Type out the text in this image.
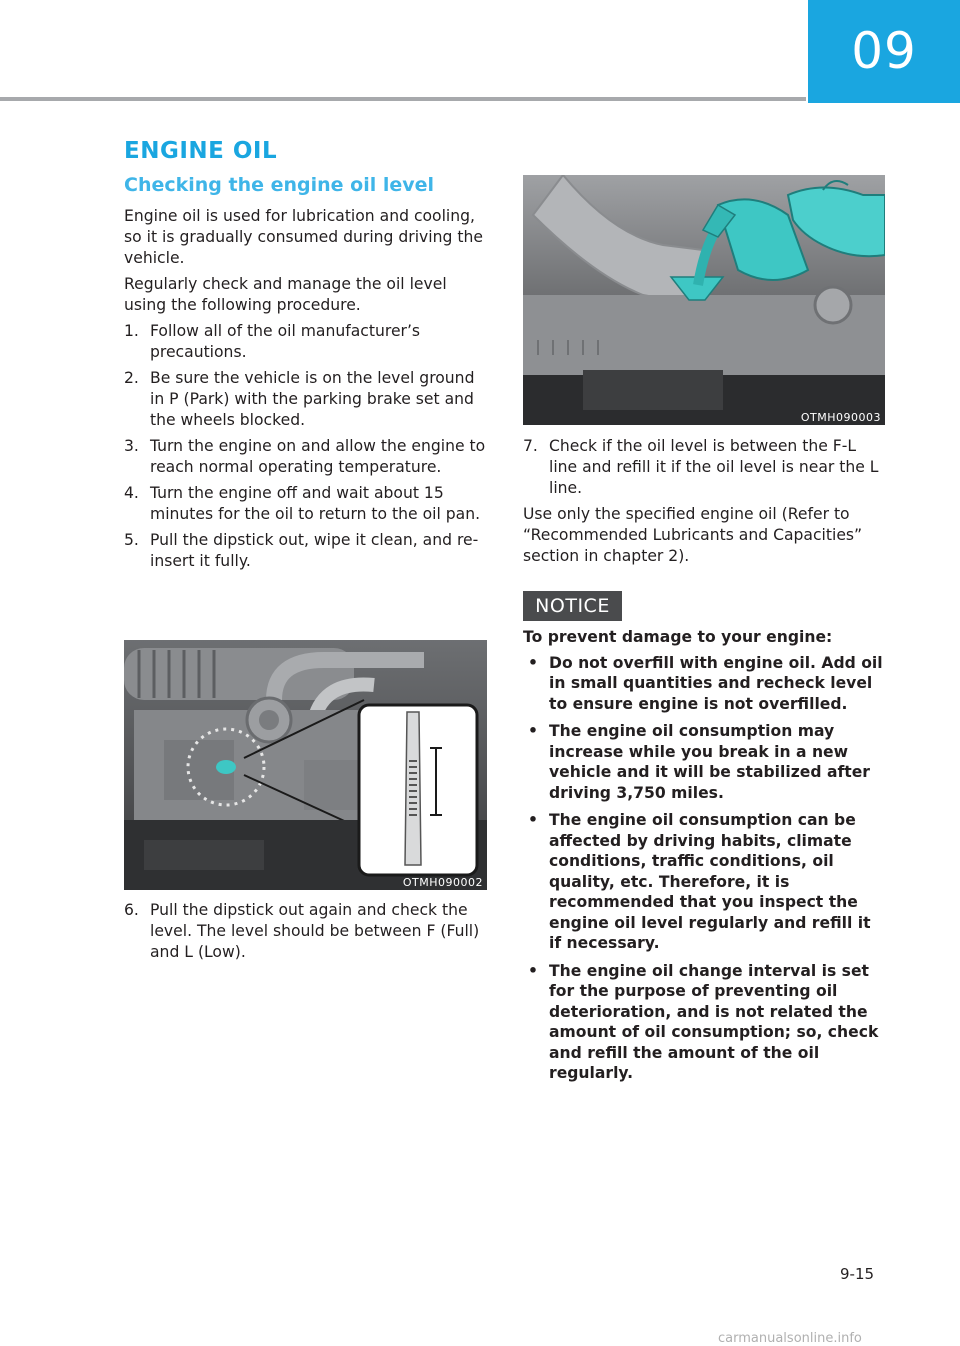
09
ENGINE OIL
Checking the engine oil level

Engine oil is used for lubrication and cooling, so it is gradually consumed during driving the vehicle.

Regularly check and manage the oil level using the following procedure.

1. Follow all of the oil manufacturer’s precautions.
2. Be sure the vehicle is on the level ground in P (Park) with the parking brake set and the wheels blocked.
3. Turn the engine on and allow the engine to reach normal operating temperature.
4. Turn the engine off and wait about 15 minutes for the oil to return to the oil pan.
5. Pull the dipstick out, wipe it clean, and re-insert it fully.
OTMH090002
6. Pull the dipstick out again and check the level. The level should be between F (Full) and L (Low).
OTMH090003
7. Check if the oil level is between the F-L line and refill it if the oil level is near the L line.

Use only the specified engine oil (Refer to “Recommended Lubricants and Capacities” section in chapter 2).

NOTICE

To prevent damage to your engine:

• Do not overfill with engine oil. Add oil in small quantities and recheck level to ensure engine is not overfilled.
• The engine oil consumption may increase while you break in a new vehicle and it will be stabilized after driving 3,750 miles.
• The engine oil consumption can be affected by driving habits, climate conditions, traffic conditions, oil quality, etc. Therefore, it is recommended that you inspect the engine oil level regularly and refill it if necessary.
• The engine oil change interval is set for the purpose of preventing oil deterioration, and is not related the amount of oil consumption; so, check and refill the amount of the oil regularly.
9-15
carmanualsonline.info
